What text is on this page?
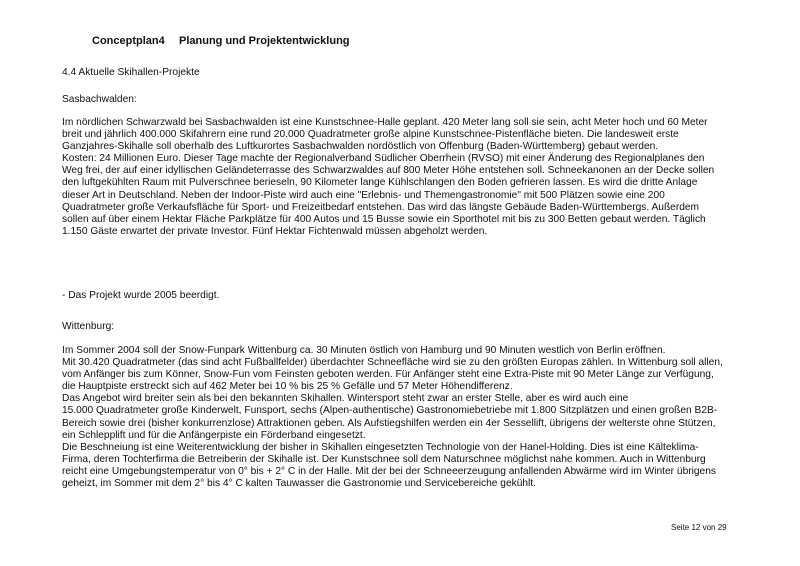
Conceptplan4 Planung und Projektentwicklung
4.4 Aktuelle Skihallen-Projekte
Sasbachwalden:
Im nördlichen Schwarzwald bei Sasbachwalden ist eine Kunstschnee-Halle geplant. 420 Meter lang soll sie sein, acht Meter hoch und 60 Meter
breit und jährlich 400.000 Skifahrern eine rund 20.000 Quadratmeter große alpine Kunstschnee-Pistenfläche bieten. Die landesweit erste
Ganzjahres-Skihalle soll oberhalb des Luftkurortes Sasbachwalden nordöstlich von Offenburg (Baden-Württemberg) gebaut werden.
Kosten: 24 Millionen Euro. Dieser Tage machte der Regionalverband Südlicher Oberrhein (RVSO) mit einer Änderung des Regionalplanes den
Weg frei, der auf einer idyllischen Geländeterrasse des Schwarzwaldes auf 800 Meter Höhe entstehen soll. Schneekanonen an der Decke sollen
den luftgekühlten Raum mit Pulverschnee berieseln, 90 Kilometer lange Kühlschlangen den Boden gefrieren lassen. Es wird die dritte Anlage
dieser Art in Deutschland. Neben der Indoor-Piste wird auch eine "Erlebnis- und Themengastronomie" mit 500 Plätzen sowie eine 200
Quadratmeter große Verkaufsfläche für Sport- und Freizeitbedarf entstehen. Das wird das längste Gebäude Baden-Württembergs. Außerdem
sollen auf über einem Hektar Fläche Parkplätze für 400 Autos und 15 Busse sowie ein Sporthotel mit bis zu 300 Betten gebaut werden. Täglich
1.150 Gäste erwartet der private Investor. Fünf Hektar Fichtenwald müssen abgeholzt werden.
- Das Projekt wurde 2005 beerdigt.
Wittenburg:
Im Sommer 2004 soll der Snow-Funpark Wittenburg ca. 30 Minuten östlich von Hamburg und 90 Minuten westlich von Berlin eröffnen.
Mit 30.420 Quadratmeter (das sind acht Fußballfelder) überdachter Schneefläche wird sie zu den größten Europas zählen. In Wittenburg soll allen,
vom Anfänger bis zum Könner, Snow-Fun vom Feinsten geboten werden. Für Anfänger steht eine Extra-Piste mit 90 Meter Länge zur Verfügung,
die Hauptpiste erstreckt sich auf 462 Meter bei 10 % bis 25 % Gefälle und 57 Meter Höhendifferenz.
Das Angebot wird breiter sein als bei den bekannten Skihallen. Wintersport steht zwar an erster Stelle, aber es wird auch eine
15.000 Quadratmeter große Kinderwelt, Funsport, sechs (Alpen-authentische) Gastronomiebetriebe mit 1.800 Sitzplätzen und einen großen B2B-
Bereich sowie drei (bisher konkurrenzlose) Attraktionen geben. Als Aufstiegshilfen werden ein 4er Sessellift, übrigens der welterste ohne Stützen,
ein Schlepplift und für die Anfängerpiste ein Förderband eingesetzt.
Die Beschneiung ist eine Weiterentwicklung der bisher in Skihallen eingesetzten Technologie von der Hanel-Holding. Dies ist eine Kälteklima-
Firma, deren Tochterfirma die Betreiberin der Skihalle ist. Der Kunstschnee soll dem Naturschnee möglichst nahe kommen. Auch in Wittenburg
reicht eine Umgebungstemperatur von 0° bis + 2° C in der Halle. Mit der bei der Schneeerzeugung anfallenden Abwärme wird im Winter übrigens
geheizt, im Sommer mit dem 2° bis 4° C kalten Tauwasser die Gastronomie und Servicebereiche gekühlt.
Seite 12 von 29
